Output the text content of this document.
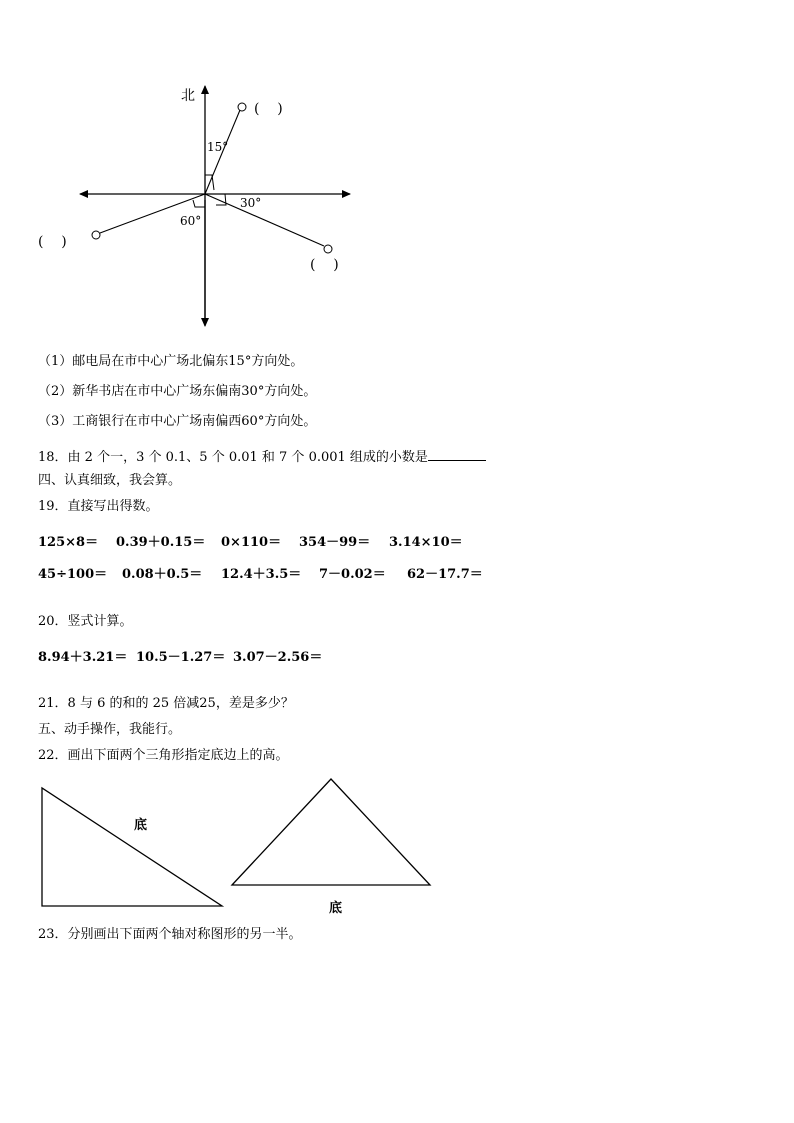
北
15°
30°
60°
(    )
(    )
(    )
（1）邮电局在市中心广场北偏东15°方向处。
（2）新华书店在市中心广场东偏南30°方向处。
（3）工商银行在市中心广场南偏西60°方向处。
18．由 2 个一，3 个 0.1、5 个 0.01 和 7 个 0.001 组成的小数是
四、认真细致，我会算。
19．直接写出得数。
125×8＝ 0.39＋0.15＝ 0×110＝ 354－99＝ 3.14×10＝
45÷100＝ 0.08＋0.5＝ 12.4＋3.5＝ 7－0.02＝ 62－17.7＝
20．竖式计算。
8.94＋3.21＝ 10.5－1.27＝ 3.07－2.56＝
21．8 与 6 的和的 25 倍减25，差是多少？
五、动手操作，我能行。
22．画出下面两个三角形指定底边上的高。
底
底
23．分别画出下面两个轴对称图形的另一半。
